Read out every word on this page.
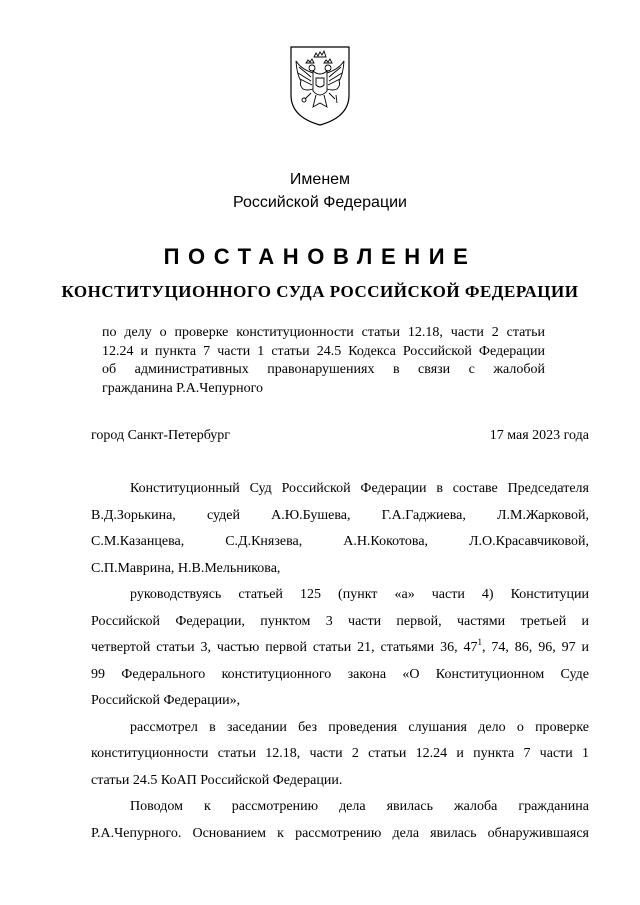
Именем
Российской Федерации
ПОСТАНОВЛЕНИЕ
КОНСТИТУЦИОННОГО СУДА РОССИЙСКОЙ ФЕДЕРАЦИИ
по делу о проверке конституционности статьи 12.18, части 2 статьи
12.24 и пункта 7 части 1 статьи 24.5 Кодекса Российской Федерации
об административных правонарушениях в связи с жалобой
гражданина Р.А.Чепурного
город Санкт-Петербург	17 мая 2023 года
Конституционный Суд Российской Федерации в составе Председателя
В.Д.Зорькина, судей А.Ю.Бушева, Г.А.Гаджиева, Л.М.Жарковой,
С.М.Казанцева, С.Д.Князева, А.Н.Кокотова, Л.О.Красавчиковой,
С.П.Маврина, Н.В.Мельникова,
руководствуясь статьей 125 (пункт «а» части 4) Конституции
Российской Федерации, пунктом 3 части первой, частями третьей и
четвертой статьи 3, частью первой статьи 21, статьями 36, $47^1$, 74, 86, 96, 97 и
99 Федерального конституционного закона «О Конституционном Суде
Российской Федерации»,
рассмотрел в заседании без проведения слушания дело о проверке
конституционности статьи 12.18, части 2 статьи 12.24 и пункта 7 части 1
статьи 24.5 КоАП Российской Федерации.
Поводом к рассмотрению дела явилась жалоба гражданина
Р.А.Чепурного. Основанием к рассмотрению дела явилась обнаружившаяся
